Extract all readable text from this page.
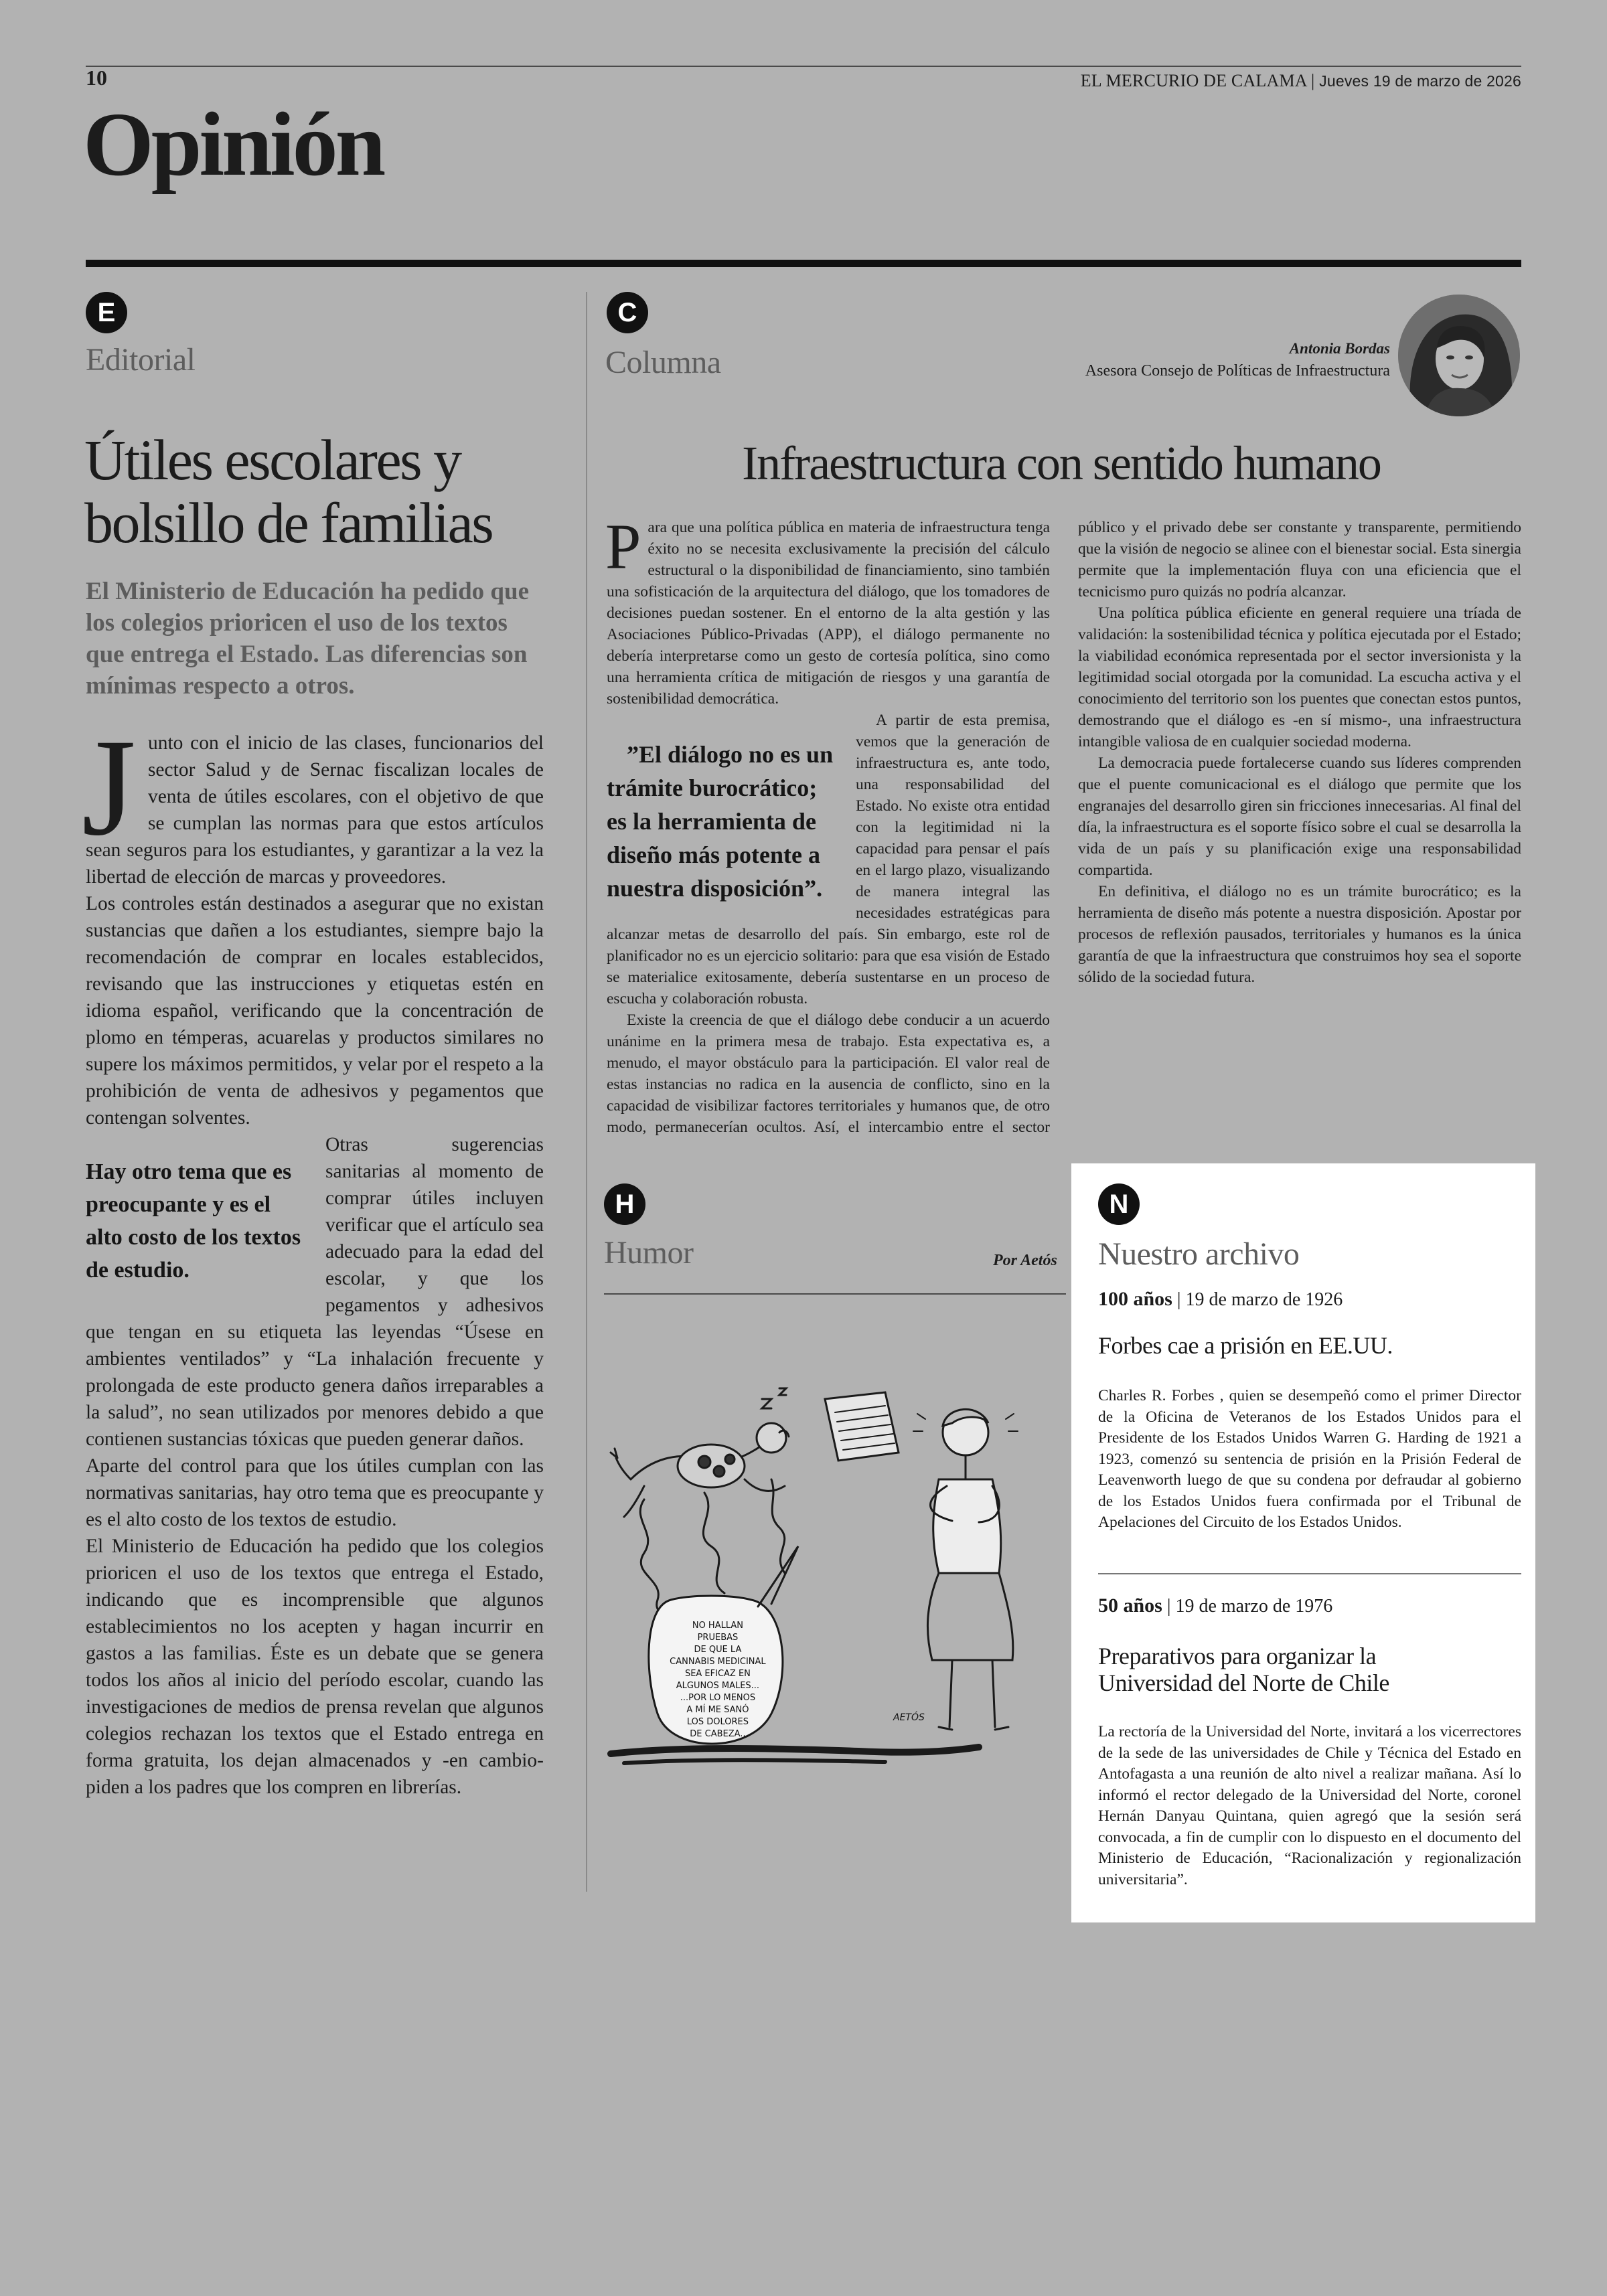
10	EL MERCURIO DE CALAMA | Jueves 19 de marzo de 2026
Opinión
E
Editorial
Útiles escolares y
bolsillo de familias
El Ministerio de Educación ha pedido que los colegios prioricen el uso de los textos que entrega el Estado. Las diferencias son mínimas respecto a otros.

Junto con el inicio de las clases, funcionarios del sector Salud y de Sernac fiscalizan locales de venta de útiles escolares, con el objetivo de que se cumplan las normas para que estos artículos sean seguros para los estudiantes, y garantizar a la vez la libertad de elección de marcas y proveedores.

Los controles están destinados a asegurar que no existan sustancias que dañen a los estudiantes, siempre bajo la recomendación de comprar en locales establecidos, revisando que las instrucciones y etiquetas estén en idioma español, verificando que la concentración de plomo en témperas, acuarelas y productos similares no supere los máximos permitidos, y velar por el respeto a la prohibición de venta de adhesivos y pegamentos que contengan solventes.

Hay otro tema que es preocupante y es el alto costo de los textos de estudio.
Otras sugerencias sanitarias al momento de comprar útiles incluyen verificar que el artículo sea adecuado para la edad del escolar, y que los pegamentos y adhesivos que tengan en su etiqueta las leyendas “Úsese en ambientes ventilados” y “La inhalación frecuente y prolongada de este producto genera daños irreparables a la salud”, no sean utilizados por menores debido a que contienen sustancias tóxicas que pueden generar daños.

Aparte del control para que los útiles cumplan con las normativas sanitarias, hay otro tema que es preocupante y es el alto costo de los textos de estudio.

El Ministerio de Educación ha pedido que los colegios prioricen el uso de los textos que entrega el Estado, indicando que es incomprensible que algunos establecimientos no los acepten y hagan incurrir en gastos a las familias. Éste es un debate que se genera todos los años al inicio del período escolar, cuando las investigaciones de medios de prensa revelan que algunos colegios rechazan los textos que el Estado entrega en forma gratuita, los dejan almacenados y -en cambio- piden a los padres que los compren en librerías.

C
Columna	Antonia Bordas
Asesora Consejo de Políticas de Infraestructura
Infraestructura con sentido humano

Para que una política pública en materia de infraestructura tenga éxito no se necesita exclusivamente la precisión del cálculo estructural o la disponibilidad de financiamiento, sino también una sofisticación de la arquitectura del diálogo, que los tomadores de decisiones puedan sostener. En el entorno de la alta gestión y las Asociaciones Público-Privadas (APP), el diálogo permanente no debería interpretarse como un gesto de cortesía política, sino como una herramienta crítica de mitigación de riesgos y una garantía de sostenibilidad democrática.

”El diálogo no es un trámite burocrático; es la herramienta de diseño más potente a nuestra disposición”.
A partir de esta premisa, vemos que la generación de infraestructura es, ante todo, una responsabilidad del Estado. No existe otra entidad con la legitimidad ni la capacidad para pensar el país en el largo plazo, visualizando de manera integral las necesidades estratégicas para alcanzar metas de desarrollo del país. Sin embargo, este rol de planificador no es un ejercicio solitario: para que esa visión de Estado se materialice exitosamente, debería sustentarse en un proceso de escucha y colaboración robusta.

Existe la creencia de que el diálogo debe conducir a un acuerdo unánime en la primera mesa de trabajo. Esta expectativa es, a menudo, el mayor obstáculo para la participación. El valor real de estas instancias no radica en la ausencia de conflicto, sino en la capacidad de visibilizar factores territoriales y humanos que, de otro modo, permanecerían ocultos. Así, el intercambio entre el sector público y el privado debe ser constante y transparente, permitiendo que la visión de negocio se alinee con el bienestar social. Esta sinergia permite que la implementación fluya con una eficiencia que el tecnicismo puro quizás no podría alcanzar.

Una política pública eficiente en general requiere una tríada de validación: la sostenibilidad técnica y política ejecutada por el Estado; la viabilidad económica representada por el sector inversionista y la legitimidad social otorgada por la comunidad. La escucha activa y el conocimiento del territorio son los puentes que conectan estos puntos, demostrando que el diálogo es -en sí mismo-, una infraestructura intangible valiosa de en cualquier sociedad moderna.

La democracia puede fortalecerse cuando sus líderes comprenden que el puente comunicacional es el diálogo que permite que los engranajes del desarrollo giren sin fricciones innecesarias. Al final del día, la infraestructura es el soporte físico sobre el cual se desarrolla la vida de un país y su planificación exige una responsabilidad compartida.

En definitiva, el diálogo no es un trámite burocrático; es la herramienta de diseño más potente a nuestra disposición. Apostar por procesos de reflexión pausados, territoriales y humanos es la única garantía de que la infraestructura que construimos hoy sea el soporte sólido de la sociedad futura.

H
Humor	Por Aetós
NO HALLAN PRUEBAS DE QUE LA CANNABIS MEDICINAL SEA EFICAZ EN ALGUNOS MALES... ...POR LO MENOS A MÍ ME SANÓ LOS DOLORES DE CABEZA...
AETÓS
N
Nuestro archivo
100 años | 19 de marzo de 1926
Forbes cae a prisión en EE.UU.
Charles R. Forbes , quien se desempeñó como el primer Director de la Oficina de Veteranos de los Estados Unidos para el Presidente de los Estados Unidos Warren G. Harding de 1921 a 1923, comenzó su sentencia de prisión en la Prisión Federal de Leavenworth luego de que su condena por defraudar al gobierno de los Estados Unidos fuera confirmada por el Tribunal de Apelaciones del Circuito de los Estados Unidos.
50 años | 19 de marzo de 1976
Preparativos para organizar la
Universidad del Norte de Chile
La rectoría de la Universidad del Norte, invitará a los vicerrectores de la sede de las universidades de Chile y Técnica del Estado en Antofagasta a una reunión de alto nivel a realizar mañana. Así lo informó el rector delegado de la Universidad del Norte, coronel Hernán Danyau Quintana, quien agregó que la sesión será convocada, a fin de cumplir con lo dispuesto en el documento del Ministerio de Educación, “Racionalización y regionalización universitaria”.
